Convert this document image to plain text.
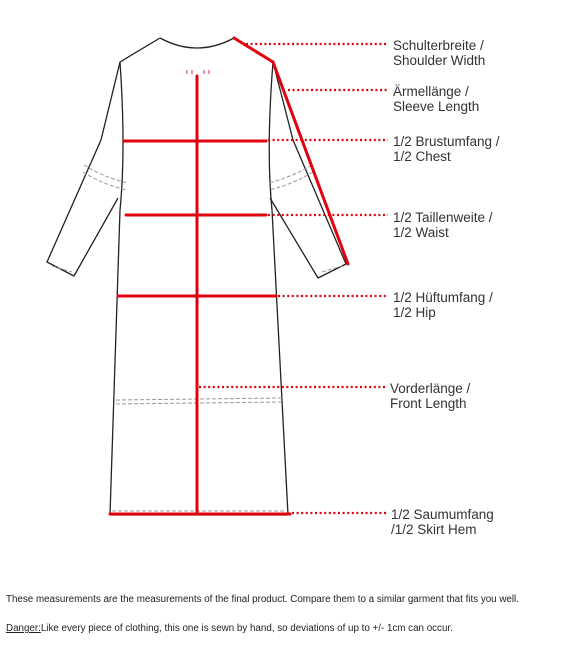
Schulterbreite /
Shoulder Width
Ärmellänge /
Sleeve Length
1/2 Brustumfang /
1/2 Chest
1/2 Taillenweite /
1/2 Waist
1/2 Hüftumfang /
1/2 Hip
Vorderlänge /
Front Length
1/2 Saumumfang
/1/2 Skirt Hem
These measurements are the measurements of the final product. Compare them to a similar garment that fits you well.
Danger:Like every piece of clothing, this one is sewn by hand, so deviations of up to +/- 1cm can occur.
